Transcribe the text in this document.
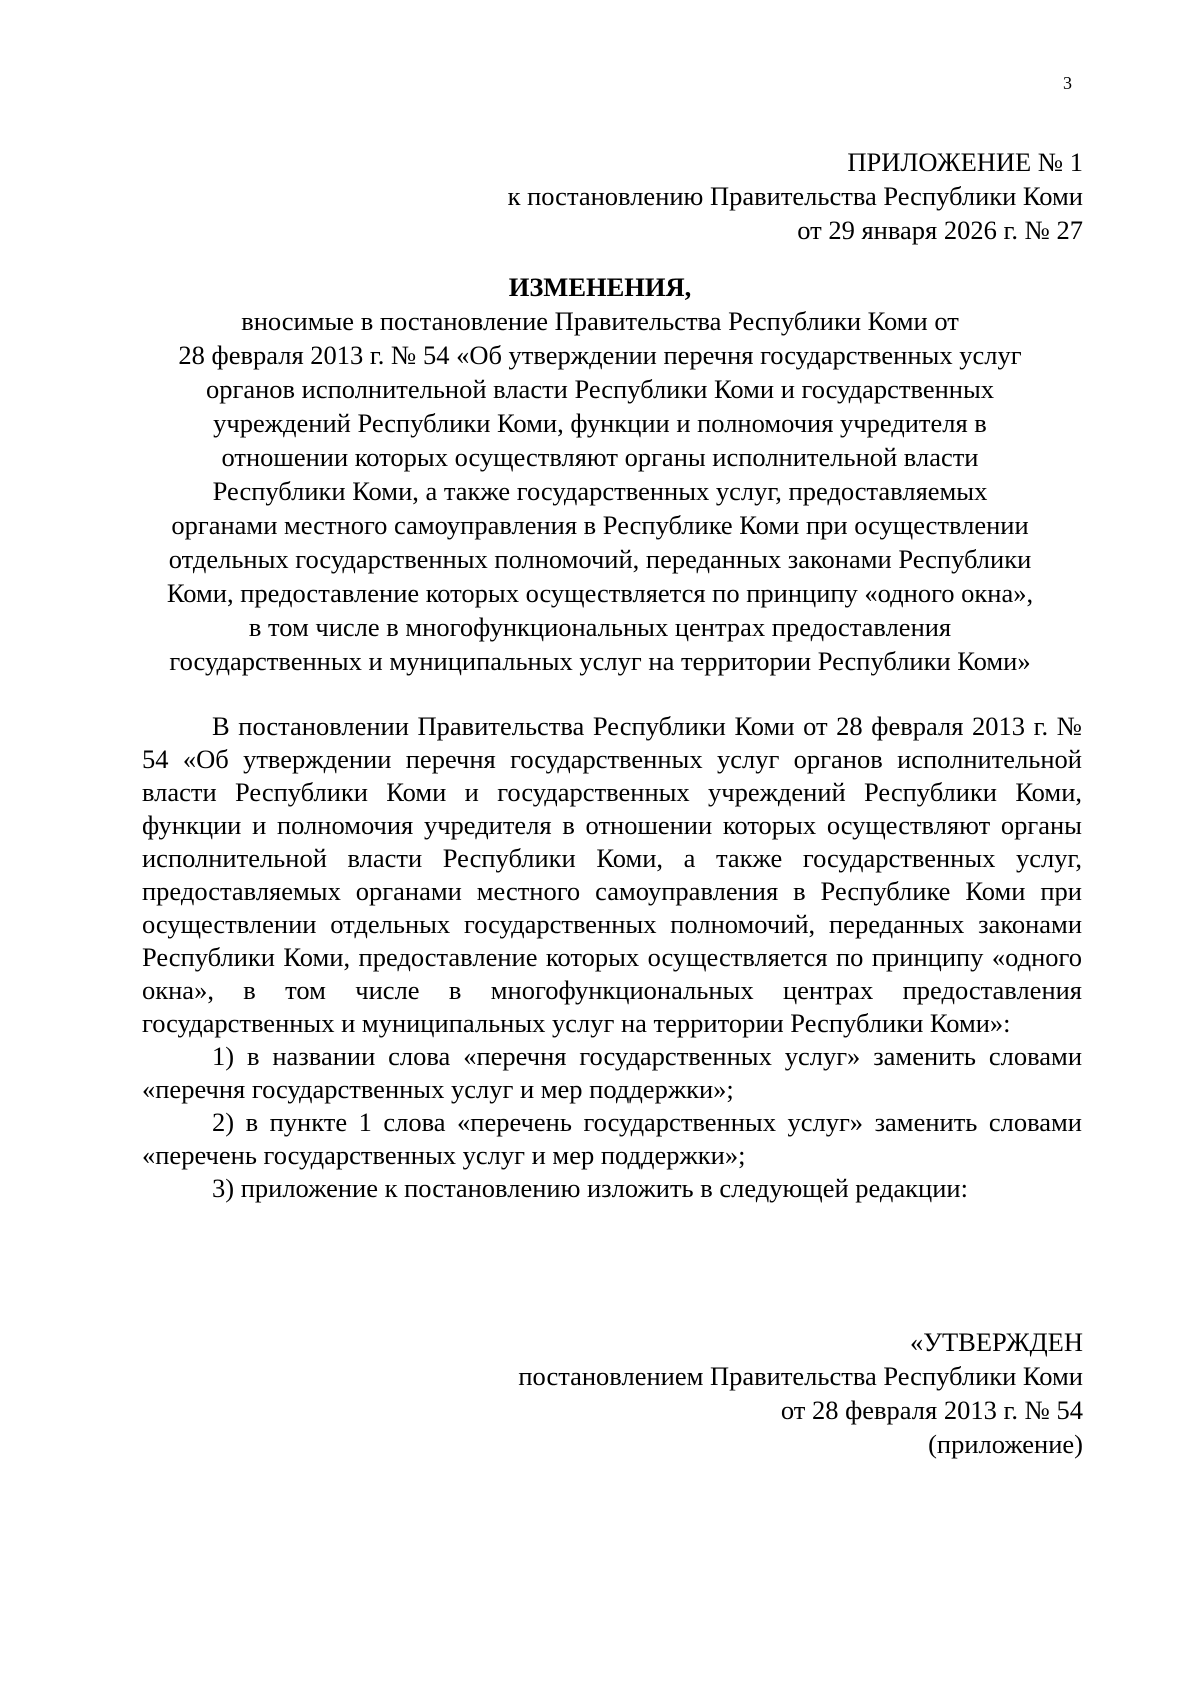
3
ПРИЛОЖЕНИЕ № 1
к постановлению Правительства Республики Коми
от 29 января 2026 г. № 27
ИЗМЕНЕНИЯ,
вносимые в постановление Правительства Республики Коми от
28 февраля 2013 г. № 54 «Об утверждении перечня государственных услуг
органов исполнительной власти Республики Коми и государственных
учреждений Республики Коми, функции и полномочия учредителя в
отношении которых осуществляют органы исполнительной власти
Республики Коми, а также государственных услуг, предоставляемых
органами местного самоуправления в Республике Коми при осуществлении
отдельных государственных полномочий, переданных законами Республики
Коми, предоставление которых осуществляется по принципу «одного окна»,
в том числе в многофункциональных центрах предоставления
государственных и муниципальных услуг на территории Республики Коми»

В постановлении Правительства Республики Коми от 28 февраля 2013 г. № 54 «Об утверждении перечня государственных услуг органов исполнительной власти Республики Коми и государственных учреждений Республики Коми, функции и полномочия учредителя в отношении которых осуществляют органы исполнительной власти Республики Коми, а также государственных услуг, предоставляемых органами местного самоуправления в Республике Коми при осуществлении отдельных государственных полномочий, переданных законами Республики Коми, предоставление которых осуществляется по принципу «одного окна», в том числе в многофункциональных центрах предоставления государственных и муниципальных услуг на территории Республики Коми»:

1) в названии слова «перечня государственных услуг» заменить словами «перечня государственных услуг и мер поддержки»;

2) в пункте 1 слова «перечень государственных услуг» заменить словами «перечень государственных услуг и мер поддержки»;

3) приложение к постановлению изложить в следующей редакции:

«УТВЕРЖДЕН
постановлением Правительства Республики Коми
от 28 февраля 2013 г. № 54
(приложение)
